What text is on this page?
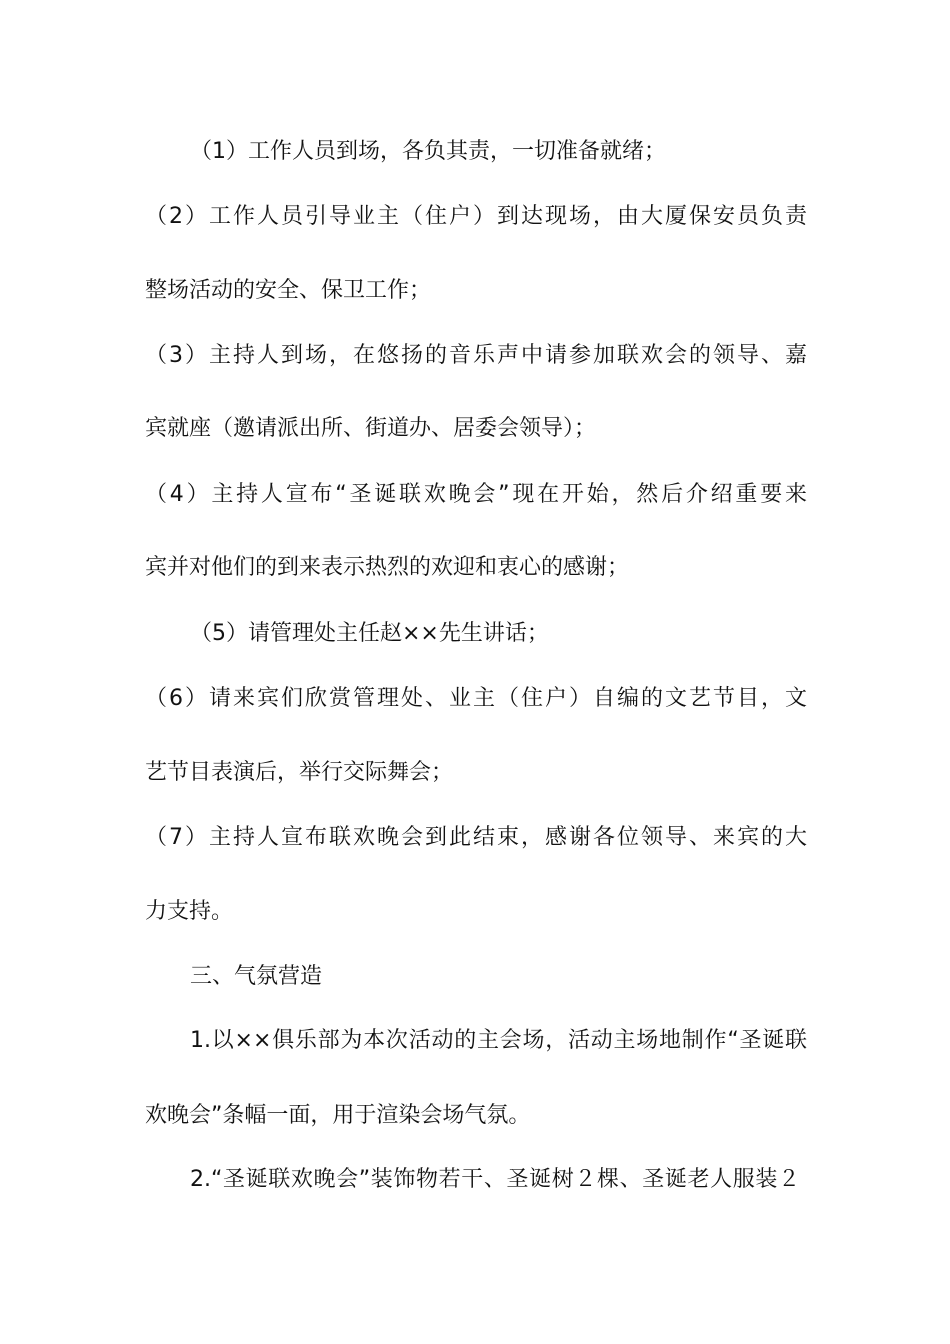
（1）工作人员到场，各负其责，一切准备就绪；
（2）工作人员引导业主（住户）到达现场，由大厦保安员负责
整场活动的安全、保卫工作；
（3）主持人到场，在悠扬的音乐声中请参加联欢会的领导、嘉
宾就座（邀请派出所、街道办、居委会领导）；
（4）主持人宣布“圣诞联欢晚会”现在开始，然后介绍重要来
宾并对他们的到来表示热烈的欢迎和衷心的感谢；
（5）请管理处主任赵××先生讲话；
（6）请来宾们欣赏管理处、业主（住户）自编的文艺节目，文
艺节目表演后，举行交际舞会；
（7）主持人宣布联欢晚会到此结束，感谢各位领导、来宾的大
力支持。
三、气氛营造
1.以××俱乐部为本次活动的主会场，活动主场地制作“圣诞联
欢晚会”条幅一面，用于渲染会场气氛。
2.“圣诞联欢晚会”装饰物若干、圣诞树２棵、圣诞老人服装２
